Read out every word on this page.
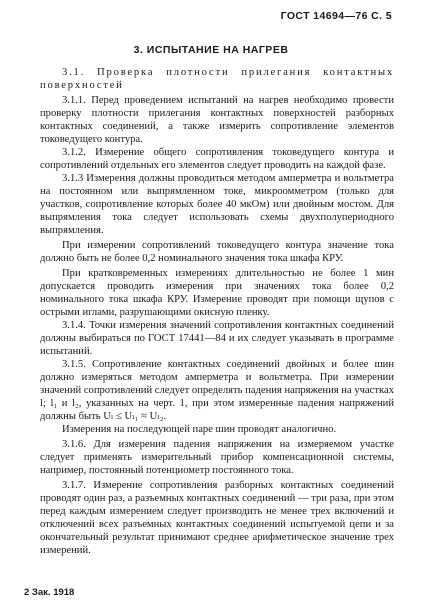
ГОСТ 14694—76 С. 5
3. ИСПЫТАНИЕ НА НАГРЕВ

3.1. Проверка плотности прилегания контактных поверхностей

3.1.1. Перед проведением испытаний на нагрев необходимо провести проверку плотности прилегания контактных поверхностей разборных контактных соединений, а также измерить сопротивление элементов токоведущего контура.

3.1.2. Измерение общего сопротивления токоведущего контура и сопротивлений отдельных его элементов следует проводить на каждой фазе.

3.1.3 Измерения должны проводиться методом амперметра и вольтметра на постоянном или выпрямленном токе, микроомметром (только для участков, сопротивление которых более 40 мкОм) или двойным мостом. Для выпрямления тока следует использовать схемы двухполупериодного выпрямления.

При измерении сопротивлений токоведущего контура значение тока должно быть не более 0,2 номинального значения тока шкафа КРУ.

При кратковременных измерениях длительностью не более 1 мин допускается проводить измерения при значениях тока более 0,2 номинального тока шкафа КРУ. Измерение проводят при помощи щупов с острыми иглами, разрушающими окисную пленку.

3.1.4. Точки измерения значений сопротивления контактных соединений должны выбираться по ГОСТ 17441—84 и их следует указывать в программе испытаний.

3.1.5. Сопротивление контактных соединений двойных и более шин должно измеряться методом амперметра и вольтметра. При измерении значений сопротивлений следует определять падения напряжения на участках l; l₁ и l₂, указанных на черт. 1, при этом измеренные падения напряжений должны быть Uₗ ≤ Uₗ₁ ≈ Uₗ₂.

Измерения на последующей паре шин проводят аналогично.

3.1.6. Для измерения падения напряжения на измеряемом участке следует применять измерительный прибор компенсационной системы, например, постоянный потенциометр постоянного тока.

3.1.7. Измерение сопротивления разборных контактных соединений проводят один раз, а разъемных контактных соединений — три раза, при этом перед каждым измерением следует производить не менее трех включений и отключений всех разъемных контактных соединений испытуемой цепи и за окончательный результат принимают среднее арифметическое значение трех измерений.

2 Зак. 1918
